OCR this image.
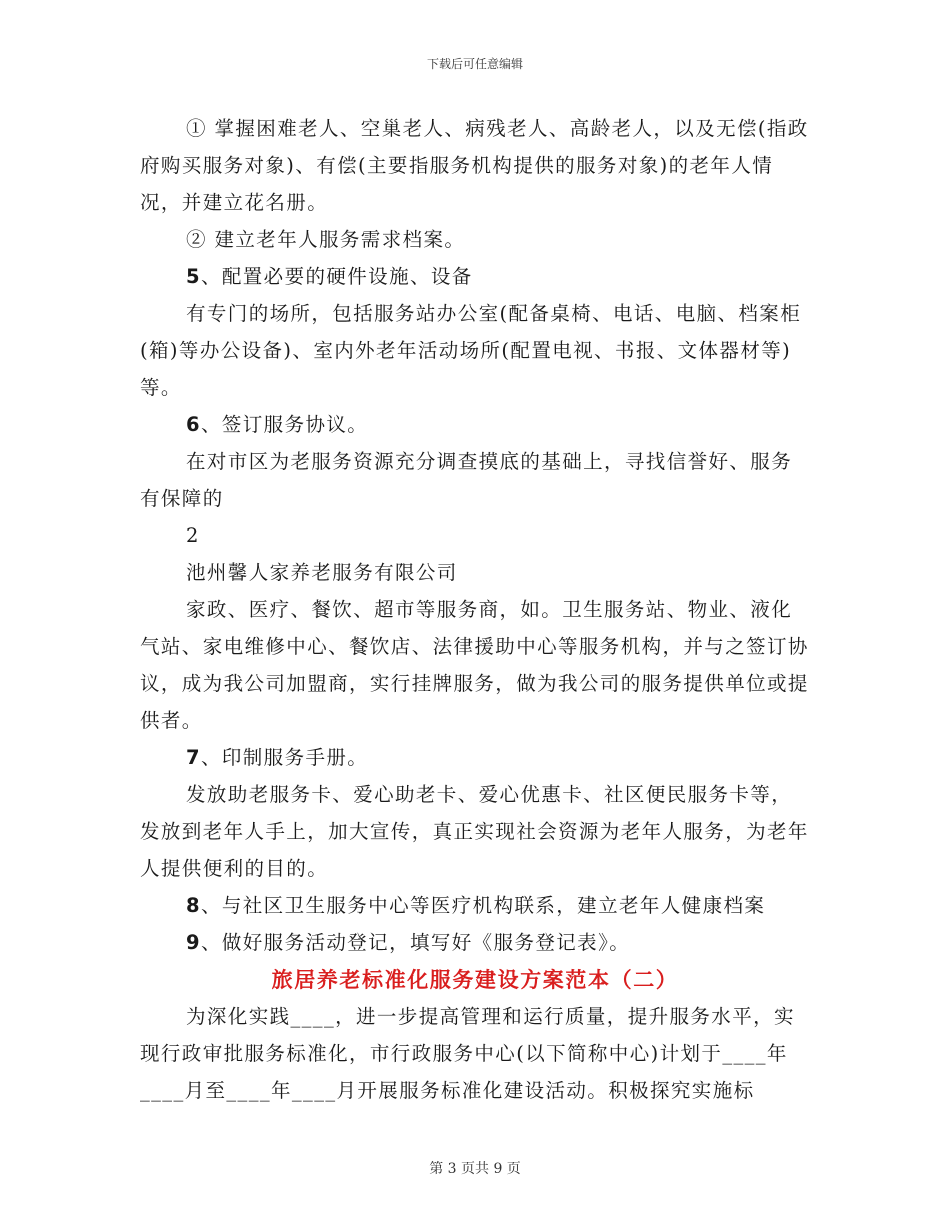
下载后可任意编辑

① 掌握困难老人、空巢老人、病残老人、高龄老人，以及无偿(指政府购买服务对象)、有偿(主要指服务机构提供的服务对象)的老年人情况，并建立花名册。

② 建立老年人服务需求档案。

5、配置必要的硬件设施、设备

有专门的场所，包括服务站办公室(配备桌椅、电话、电脑、档案柜(箱)等办公设备)、室内外老年活动场所(配置电视、书报、文体器材等)等。

6、签订服务协议。

在对市区为老服务资源充分调查摸底的基础上，寻找信誉好、服务有保障的

2

池州馨人家养老服务有限公司

家政、医疗、餐饮、超市等服务商，如。卫生服务站、物业、液化气站、家电维修中心、餐饮店、法律援助中心等服务机构，并与之签订协议，成为我公司加盟商，实行挂牌服务，做为我公司的服务提供单位或提供者。

7、印制服务手册。

发放助老服务卡、爱心助老卡、爱心优惠卡、社区便民服务卡等，发放到老年人手上，加大宣传，真正实现社会资源为老年人服务，为老年人提供便利的目的。

8、与社区卫生服务中心等医疗机构联系，建立老年人健康档案

9、做好服务活动登记，填写好《服务登记表》。

旅居养老标准化服务建设方案范本（二）

为深化实践____，进一步提高管理和运行质量，提升服务水平，实现行政审批服务标准化，市行政服务中心(以下简称中心)计划于____年____月至____年____月开展服务标准化建设活动。积极探究实施标

第 3 页共 9 页
